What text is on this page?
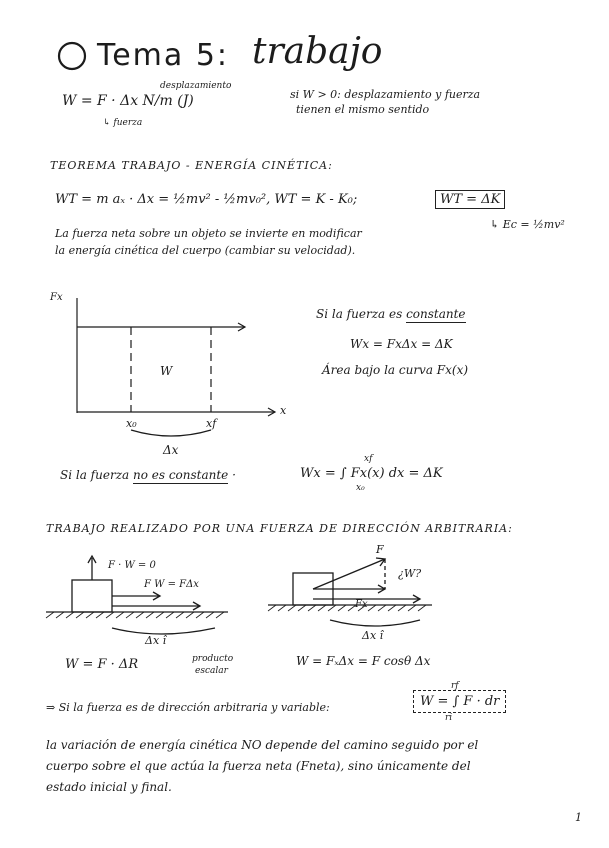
Tema 5: trabajo
desplazamiento
W = F · Δx N/m (J)
↳ fuerza
si W > 0: desplazamiento y fuerza
tienen el mismo sentido
TEOREMA TRABAJO - ENERGÍA CINÉTICA:
WT = m aₓ · Δx = ½mv² - ½mv₀², WT = K - K₀;	WT = ΔK
↳ Ec = ½mv²
La fuerza neta sobre un objeto se invierte en modificar
la energía cinética del cuerpo (cambiar su velocidad).
Fx
x
W
x₀	xf
Δx
Si la fuerza es constante
Wx = FxΔx = ΔK
Área bajo la curva Fx(x)
Si la fuerza no es constante ·	Wx = ∫ Fx(x) dx = ΔK
xf
x₀
TRABAJO REALIZADO POR UNA FUERZA DE DIRECCIÓN ARBITRARIA:
F · W = 0
F W = FΔx
Δx î
F
¿W?
Fx
Δx î
W = F · ΔR	producto
escalar
W = FₓΔx = F cosθ Δx
⇒ Si la fuerza es de dirección arbitraria y variable:	W = ∫ F · dr
rf
ri
la variación de energía cinética NO depende del camino seguido por el
cuerpo sobre el que actúa la fuerza neta (Fneta), sino únicamente del
estado inicial y final.
1
